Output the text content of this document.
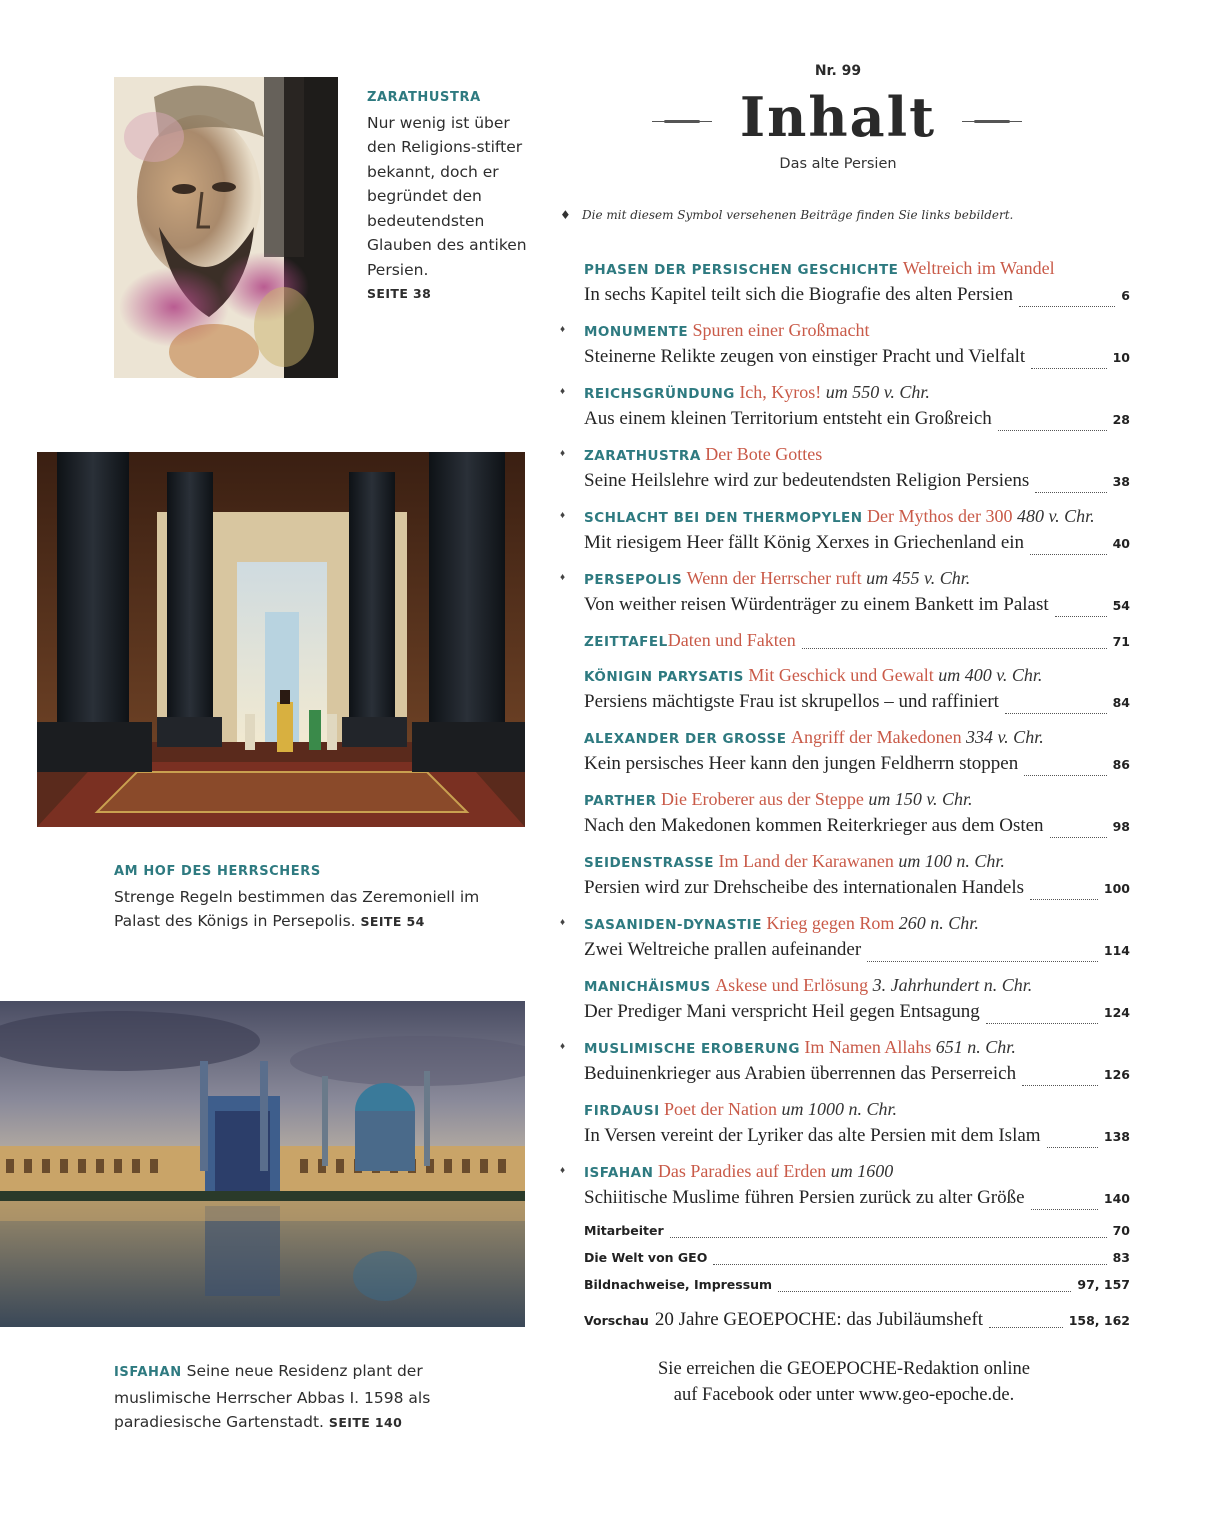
ZARATHUSTRA
Nur wenig ist über den Religions-stifter bekannt, doch er begründet den bedeutendsten Glauben des antiken Persien.
SEITE 38
AM HOF DES HERRSCHERS
Strenge Regeln bestimmen das Zeremoniell im Palast des Königs in Persepolis. SEITE 54
ISFAHAN Seine neue Residenz plant der muslimische Herrscher Abbas I. 1598 als paradiesische Gartenstadt. SEITE 140
Nr. 99
Inhalt
Das alte Persien
♦ Die mit diesem Symbol versehenen Beiträge finden Sie links bebildert.
PHASEN DER PERSISCHEN GESCHICHTE Weltreich im Wandel
In sechs Kapitel teilt sich die Biografie des alten Persien	6
♦ MONUMENTE Spuren einer Großmacht
Steinerne Relikte zeugen von einstiger Pracht und Vielfalt	10
♦ REICHSGRÜNDUNG Ich, Kyros! um 550 v. Chr.
Aus einem kleinen Territorium entsteht ein Großreich	28
♦ ZARATHUSTRA Der Bote Gottes
Seine Heilslehre wird zur bedeutendsten Religion Persiens	38
♦ SCHLACHT BEI DEN THERMOPYLEN Der Mythos der 300 480 v. Chr.
Mit riesigem Heer fällt König Xerxes in Griechenland ein	40
♦ PERSEPOLIS Wenn der Herrscher ruft um 455 v. Chr.
Von weither reisen Würdenträger zu einem Bankett im Palast	54
ZEITTAFEL Daten und Fakten	71
KÖNIGIN PARYSATIS Mit Geschick und Gewalt um 400 v. Chr.
Persiens mächtigste Frau ist skrupellos – und raffiniert	84
ALEXANDER DER GROSSE Angriff der Makedonen 334 v. Chr.
Kein persisches Heer kann den jungen Feldherrn stoppen	86
PARTHER Die Eroberer aus der Steppe um 150 v. Chr.
Nach den Makedonen kommen Reiterkrieger aus dem Osten	98
SEIDENSTRASSE Im Land der Karawanen um 100 n. Chr.
Persien wird zur Drehscheibe des internationalen Handels	100
♦ SASANIDEN-DYNASTIE Krieg gegen Rom 260 n. Chr.
Zwei Weltreiche prallen aufeinander	114
MANICHÄISMUS Askese und Erlösung 3. Jahrhundert n. Chr.
Der Prediger Mani verspricht Heil gegen Entsagung	124
♦ MUSLIMISCHE EROBERUNG Im Namen Allahs 651 n. Chr.
Beduinenkrieger aus Arabien überrennen das Perserreich	126
FIRDAUSI Poet der Nation um 1000 n. Chr.
In Versen vereint der Lyriker das alte Persien mit dem Islam	138
♦ ISFAHAN Das Paradies auf Erden um 1600
Schiitische Muslime führen Persien zurück zu alter Größe	140
Mitarbeiter	70
Die Welt von GEO	83
Bildnachweise, Impressum	97, 157
Vorschau 20 Jahre GEOEPOCHE: das Jubiläumsheft	158, 162
Sie erreichen die GEOEPOCHE-Redaktion online
auf Facebook oder unter www.geo-epoche.de.
